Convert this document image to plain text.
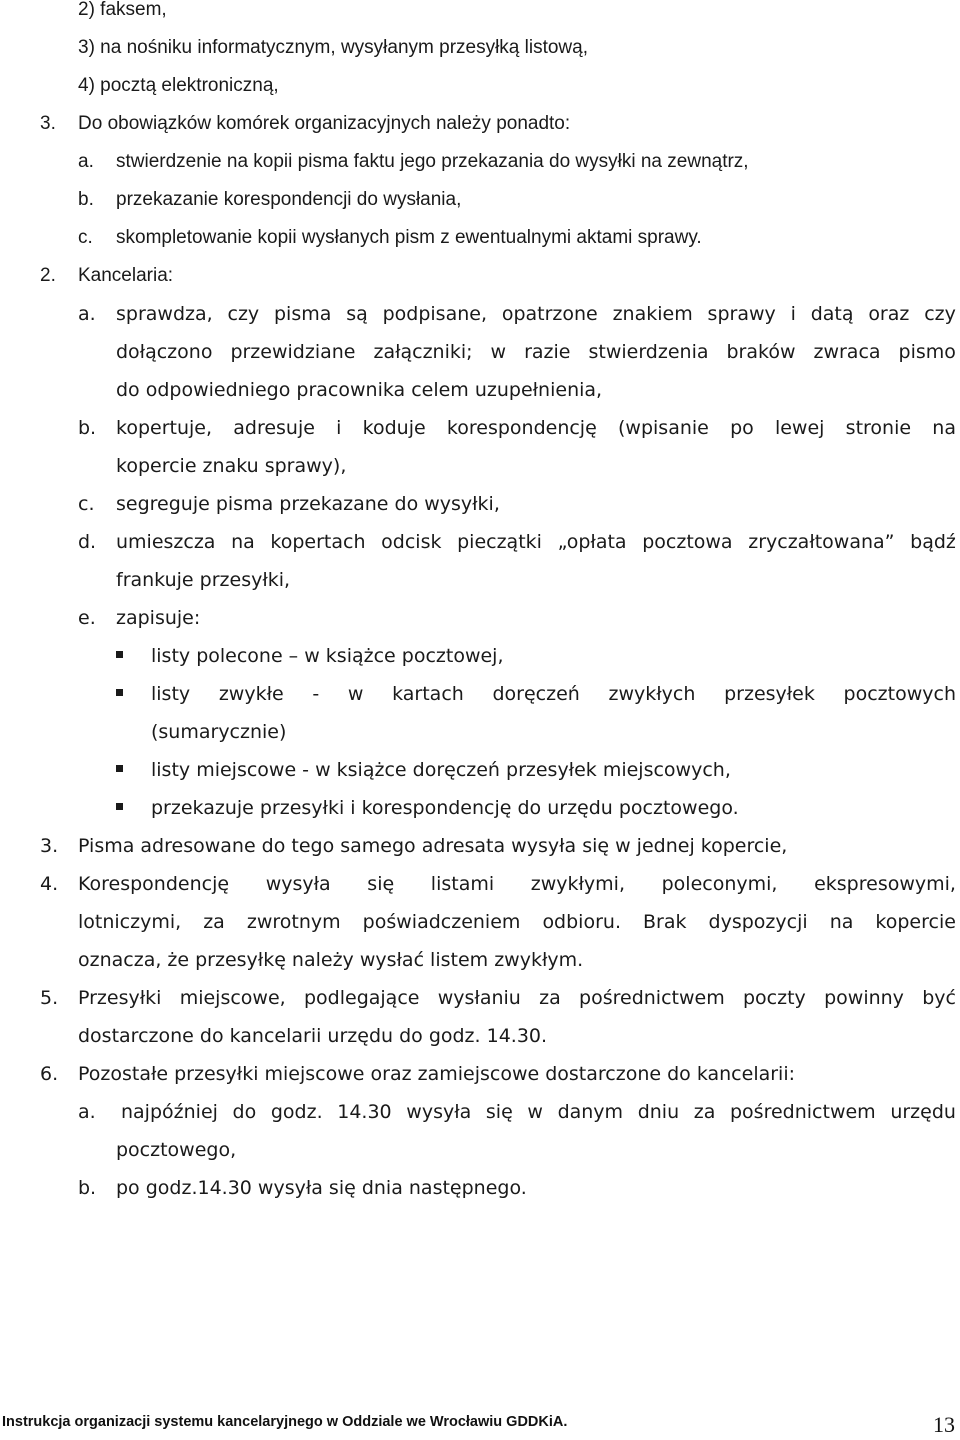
2) faksem,
3) na nośniku informatycznym, wysyłanym przesyłką listową,
4) pocztą elektroniczną,
3. Do obowiązków komórek organizacyjnych należy ponadto:
a. stwierdzenie na kopii pisma faktu jego przekazania do wysyłki na zewnątrz,
b. przekazanie korespondencji do wysłania,
c. skompletowanie kopii wysłanych pism z ewentualnymi aktami sprawy.
2. Kancelaria:
a. sprawdza, czy pisma są podpisane, opatrzone znakiem sprawy i datą oraz czy
dołączono przewidziane załączniki; w razie stwierdzenia braków zwraca pismo
do odpowiedniego pracownika celem uzupełnienia,
b. kopertuje, adresuje i koduje korespondencję (wpisanie po lewej stronie na
kopercie znaku sprawy),
c. segreguje pisma przekazane do wysyłki,
d. umieszcza na kopertach odcisk pieczątki „opłata pocztowa zryczałtowana” bądź
frankuje przesyłki,
e. zapisuje:
listy polecone – w książce pocztowej,
listy zwykłe - w kartach doręczeń zwykłych przesyłek pocztowych
(sumarycznie)
listy miejscowe - w książce doręczeń przesyłek miejscowych,
przekazuje przesyłki i korespondencję do urzędu pocztowego.
3. Pisma adresowane do tego samego adresata wysyła się w jednej kopercie,
4. Korespondencję wysyła się listami zwykłymi, poleconymi, ekspresowymi,
lotniczymi, za zwrotnym poświadczeniem odbioru. Brak dyspozycji na kopercie
oznacza, że przesyłkę należy wysłać listem zwykłym.
5. Przesyłki miejscowe, podlegające wysłaniu za pośrednictwem poczty powinny być
dostarczone do kancelarii urzędu do godz. 14.30.
6. Pozostałe przesyłki miejscowe oraz zamiejscowe dostarczone do kancelarii:
a. najpóźniej do godz. 14.30 wysyła się w danym dniu za pośrednictwem urzędu
pocztowego,
b. po godz.14.30 wysyła się dnia następnego.
Instrukcja organizacji systemu kancelaryjnego w Oddziale we Wrocławiu GDDKiA.	13
